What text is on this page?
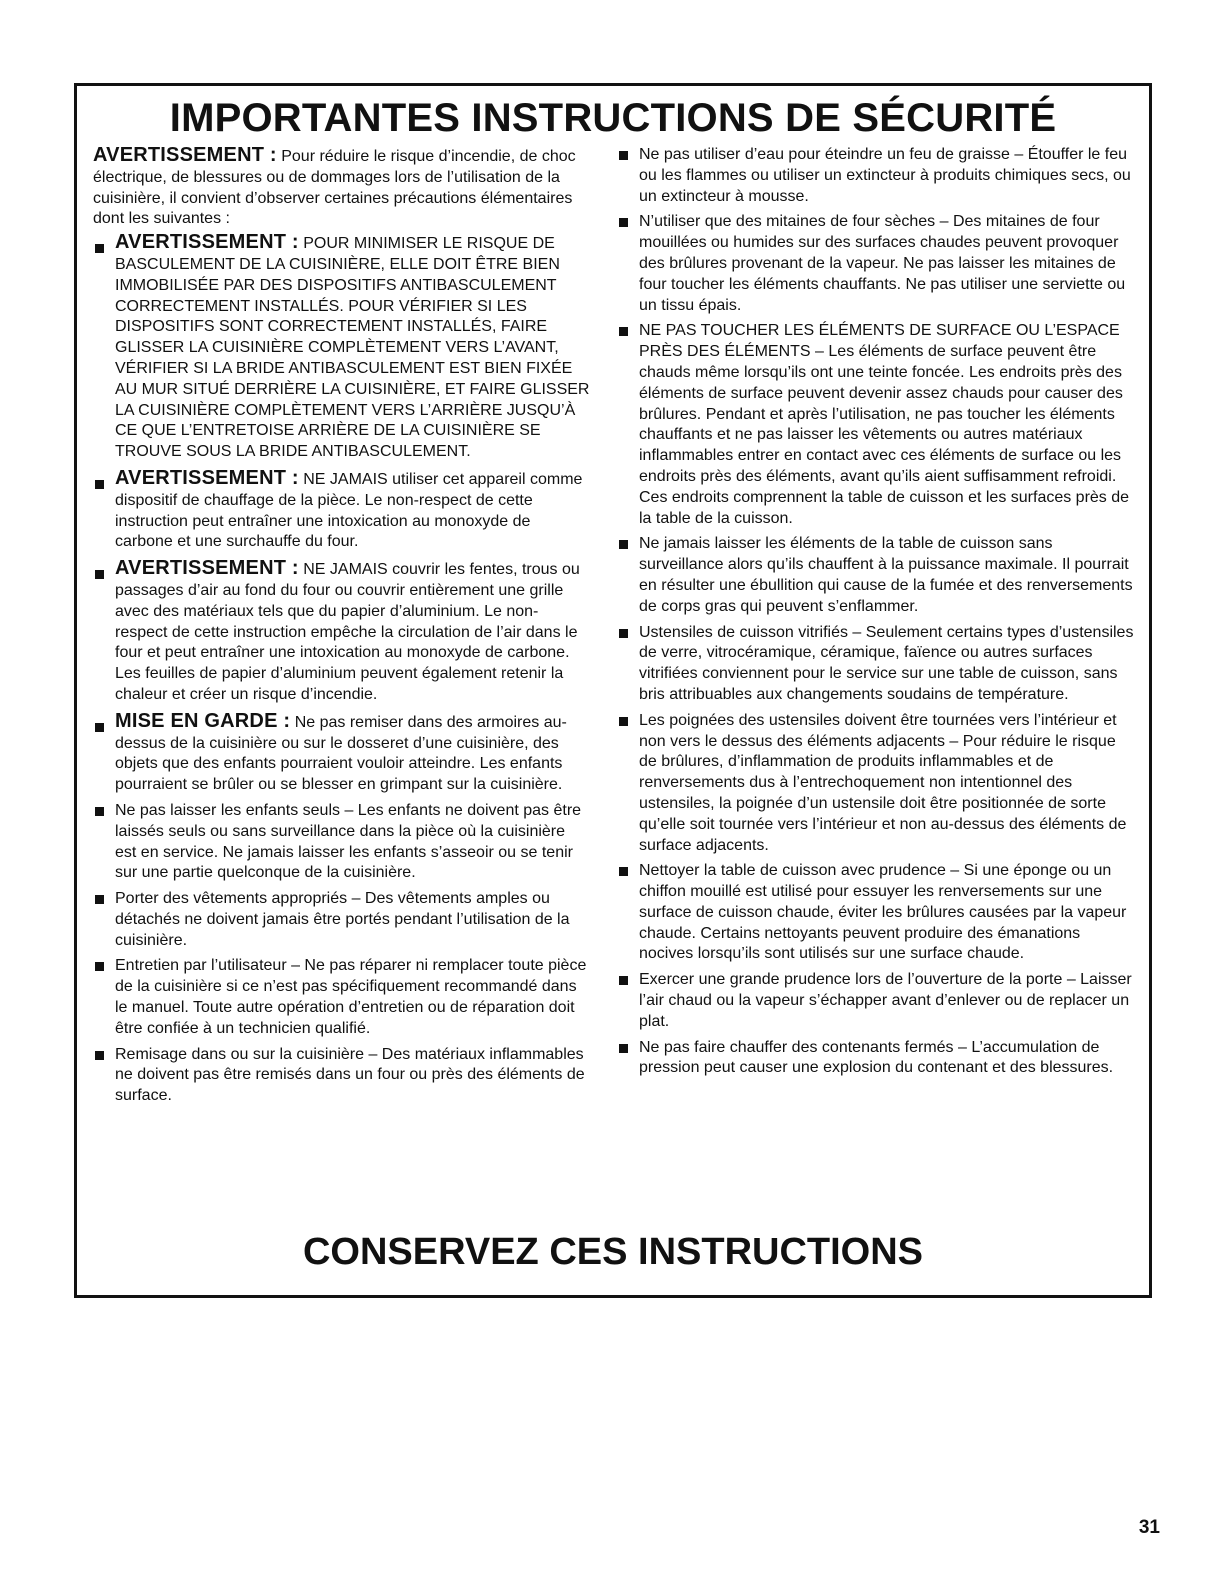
IMPORTANTES INSTRUCTIONS DE SÉCURITÉ

AVERTISSEMENT : Pour réduire le risque d’incendie, de choc électrique, de blessures ou de dommages lors de l’utilisation de la cuisinière, il convient d’observer certaines précautions élémentaires dont les suivantes :

AVERTISSEMENT : POUR MINIMISER LE RISQUE DE BASCULEMENT DE LA CUISINIÈRE, ELLE DOIT ÊTRE BIEN IMMOBILISÉE PAR DES DISPOSITIFS ANTIBASCULEMENT CORRECTEMENT INSTALLÉS. POUR VÉRIFIER SI LES DISPOSITIFS SONT CORRECTEMENT INSTALLÉS, FAIRE GLISSER LA CUISINIÈRE COMPLÈTEMENT VERS L’AVANT, VÉRIFIER SI LA BRIDE ANTIBASCULEMENT EST BIEN FIXÉE AU MUR SITUÉ DERRIÈRE LA CUISINIÈRE, ET FAIRE GLISSER LA CUISINIÈRE COMPLÈTEMENT VERS L’ARRIÈRE JUSQU’À CE QUE L’ENTRETOISE ARRIÈRE DE LA CUISINIÈRE SE TROUVE SOUS LA BRIDE ANTIBASCULEMENT.
AVERTISSEMENT : NE JAMAIS utiliser cet appareil comme dispositif de chauffage de la pièce. Le non-respect de cette instruction peut entraîner une intoxication au monoxyde de carbone et une surchauffe du four.
AVERTISSEMENT : NE JAMAIS couvrir les fentes, trous ou passages d’air au fond du four ou couvrir entièrement une grille avec des matériaux tels que du papier d’aluminium. Le non-respect de cette instruction empêche la circulation de l’air dans le four et peut entraîner une intoxication au monoxyde de carbone. Les feuilles de papier d’aluminium peuvent également retenir la chaleur et créer un risque d’incendie.
MISE EN GARDE : Ne pas remiser dans des armoires au-dessus de la cuisinière ou sur le dosseret d’une cuisinière, des objets que des enfants pourraient vouloir atteindre. Les enfants pourraient se brûler ou se blesser en grimpant sur la cuisinière.
Ne pas laisser les enfants seuls – Les enfants ne doivent pas être laissés seuls ou sans surveillance dans la pièce où la cuisinière est en service. Ne jamais laisser les enfants s’asseoir ou se tenir sur une partie quelconque de la cuisinière.
Porter des vêtements appropriés – Des vêtements amples ou détachés ne doivent jamais être portés pendant l’utilisation de la cuisinière.
Entretien par l’utilisateur – Ne pas réparer ni remplacer toute pièce de la cuisinière si ce n’est pas spécifiquement recommandé dans le manuel. Toute autre opération d’entretien ou de réparation doit être confiée à un technicien qualifié.
Remisage dans ou sur la cuisinière – Des matériaux inflammables ne doivent pas être remisés dans un four ou près des éléments de surface.
Ne pas utiliser d’eau pour éteindre un feu de graisse – Étouffer le feu ou les flammes ou utiliser un extincteur à produits chimiques secs, ou un extincteur à mousse.
N’utiliser que des mitaines de four sèches – Des mitaines de four mouillées ou humides sur des surfaces chaudes peuvent provoquer des brûlures provenant de la vapeur. Ne pas laisser les mitaines de four toucher les éléments chauffants. Ne pas utiliser une serviette ou un tissu épais.
NE PAS TOUCHER LES ÉLÉMENTS DE SURFACE OU L’ESPACE PRÈS DES ÉLÉMENTS – Les éléments de surface peuvent être chauds même lorsqu’ils ont une teinte foncée. Les endroits près des éléments de surface peuvent devenir assez chauds pour causer des brûlures. Pendant et après l’utilisation, ne pas toucher les éléments chauffants et ne pas laisser les vêtements ou autres matériaux inflammables entrer en contact avec ces éléments de surface ou les endroits près des éléments, avant qu’ils aient suffisamment refroidi. Ces endroits comprennent la table de cuisson et les surfaces près de la table de la cuisson.
Ne jamais laisser les éléments de la table de cuisson sans surveillance alors qu’ils chauffent à la puissance maximale. Il pourrait en résulter une ébullition qui cause de la fumée et des renversements de corps gras qui peuvent s’enflammer.
Ustensiles de cuisson vitrifiés – Seulement certains types d’ustensiles de verre, vitrocéramique, céramique, faïence ou autres surfaces vitrifiées conviennent pour le service sur une table de cuisson, sans bris attribuables aux changements soudains de température.
Les poignées des ustensiles doivent être tournées vers l’intérieur et non vers le dessus des éléments adjacents – Pour réduire le risque de brûlures, d’inflammation de produits inflammables et de renversements dus à l’entrechoquement non intentionnel des ustensiles, la poignée d’un ustensile doit être positionnée de sorte qu’elle soit tournée vers l’intérieur et non au-dessus des éléments de surface adjacents.
Nettoyer la table de cuisson avec prudence – Si une éponge ou un chiffon mouillé est utilisé pour essuyer les renversements sur une surface de cuisson chaude, éviter les brûlures causées par la vapeur chaude. Certains nettoyants peuvent produire des émanations nocives lorsqu’ils sont utilisés sur une surface chaude.
Exercer une grande prudence lors de l’ouverture de la porte – Laisser l’air chaud ou la vapeur s’échapper avant d’enlever ou de replacer un plat.
Ne pas faire chauffer des contenants fermés – L’accumulation de pression peut causer une explosion du contenant et des blessures.
CONSERVEZ CES INSTRUCTIONS
31
